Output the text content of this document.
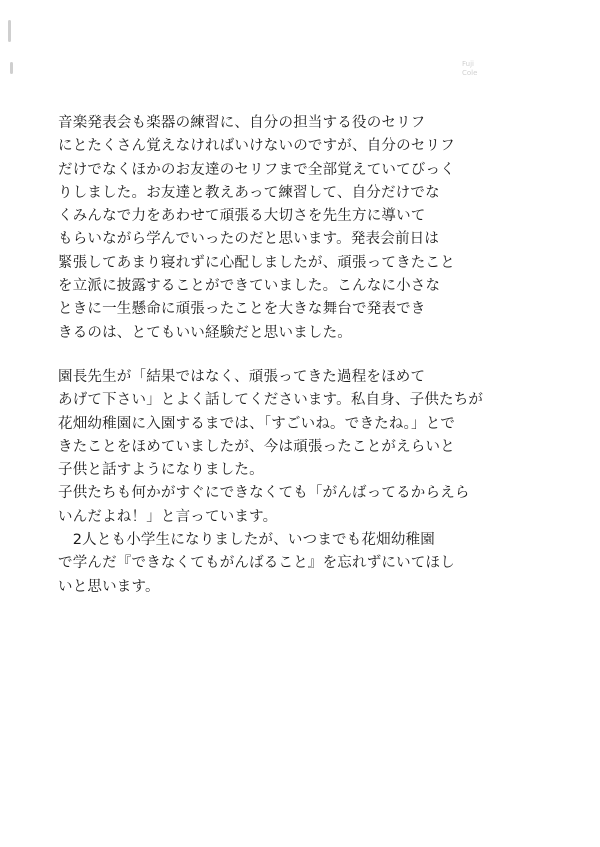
Fuji
Cole
音楽発表会も楽器の練習に、自分の担当する役のセリフ
にとたくさん覚えなければいけないのですが、自分のセリフ
だけでなくほかのお友達のセリフまで全部覚えていてびっく
りしました。お友達と教えあって練習して、自分だけでな
くみんなで力をあわせて頑張る大切さを先生方に導いて
もらいながら学んでいったのだと思います。発表会前日は
緊張してあまり寝れずに心配しましたが、頑張ってきたこと
を立派に披露することができていました。こんなに小さな
ときに一生懸命に頑張ったことを大きな舞台で発表でき
きるのは、とてもいい経験だと思いました。
園長先生が「結果ではなく、頑張ってきた過程をほめて
あげて下さい」とよく話してくださいます。私自身、子供たちが
花畑幼稚園に入園するまでは、「すごいね。できたね。」とで
きたことをほめていましたが、今は頑張ったことがえらいと
子供と話すようになりました。
子供たちも何かがすぐにできなくても「がんばってるからえら
いんだよね！」と言っています。
　2人とも小学生になりましたが、いつまでも花畑幼稚園
で学んだ『できなくてもがんばること』を忘れずにいてほし
いと思います。
